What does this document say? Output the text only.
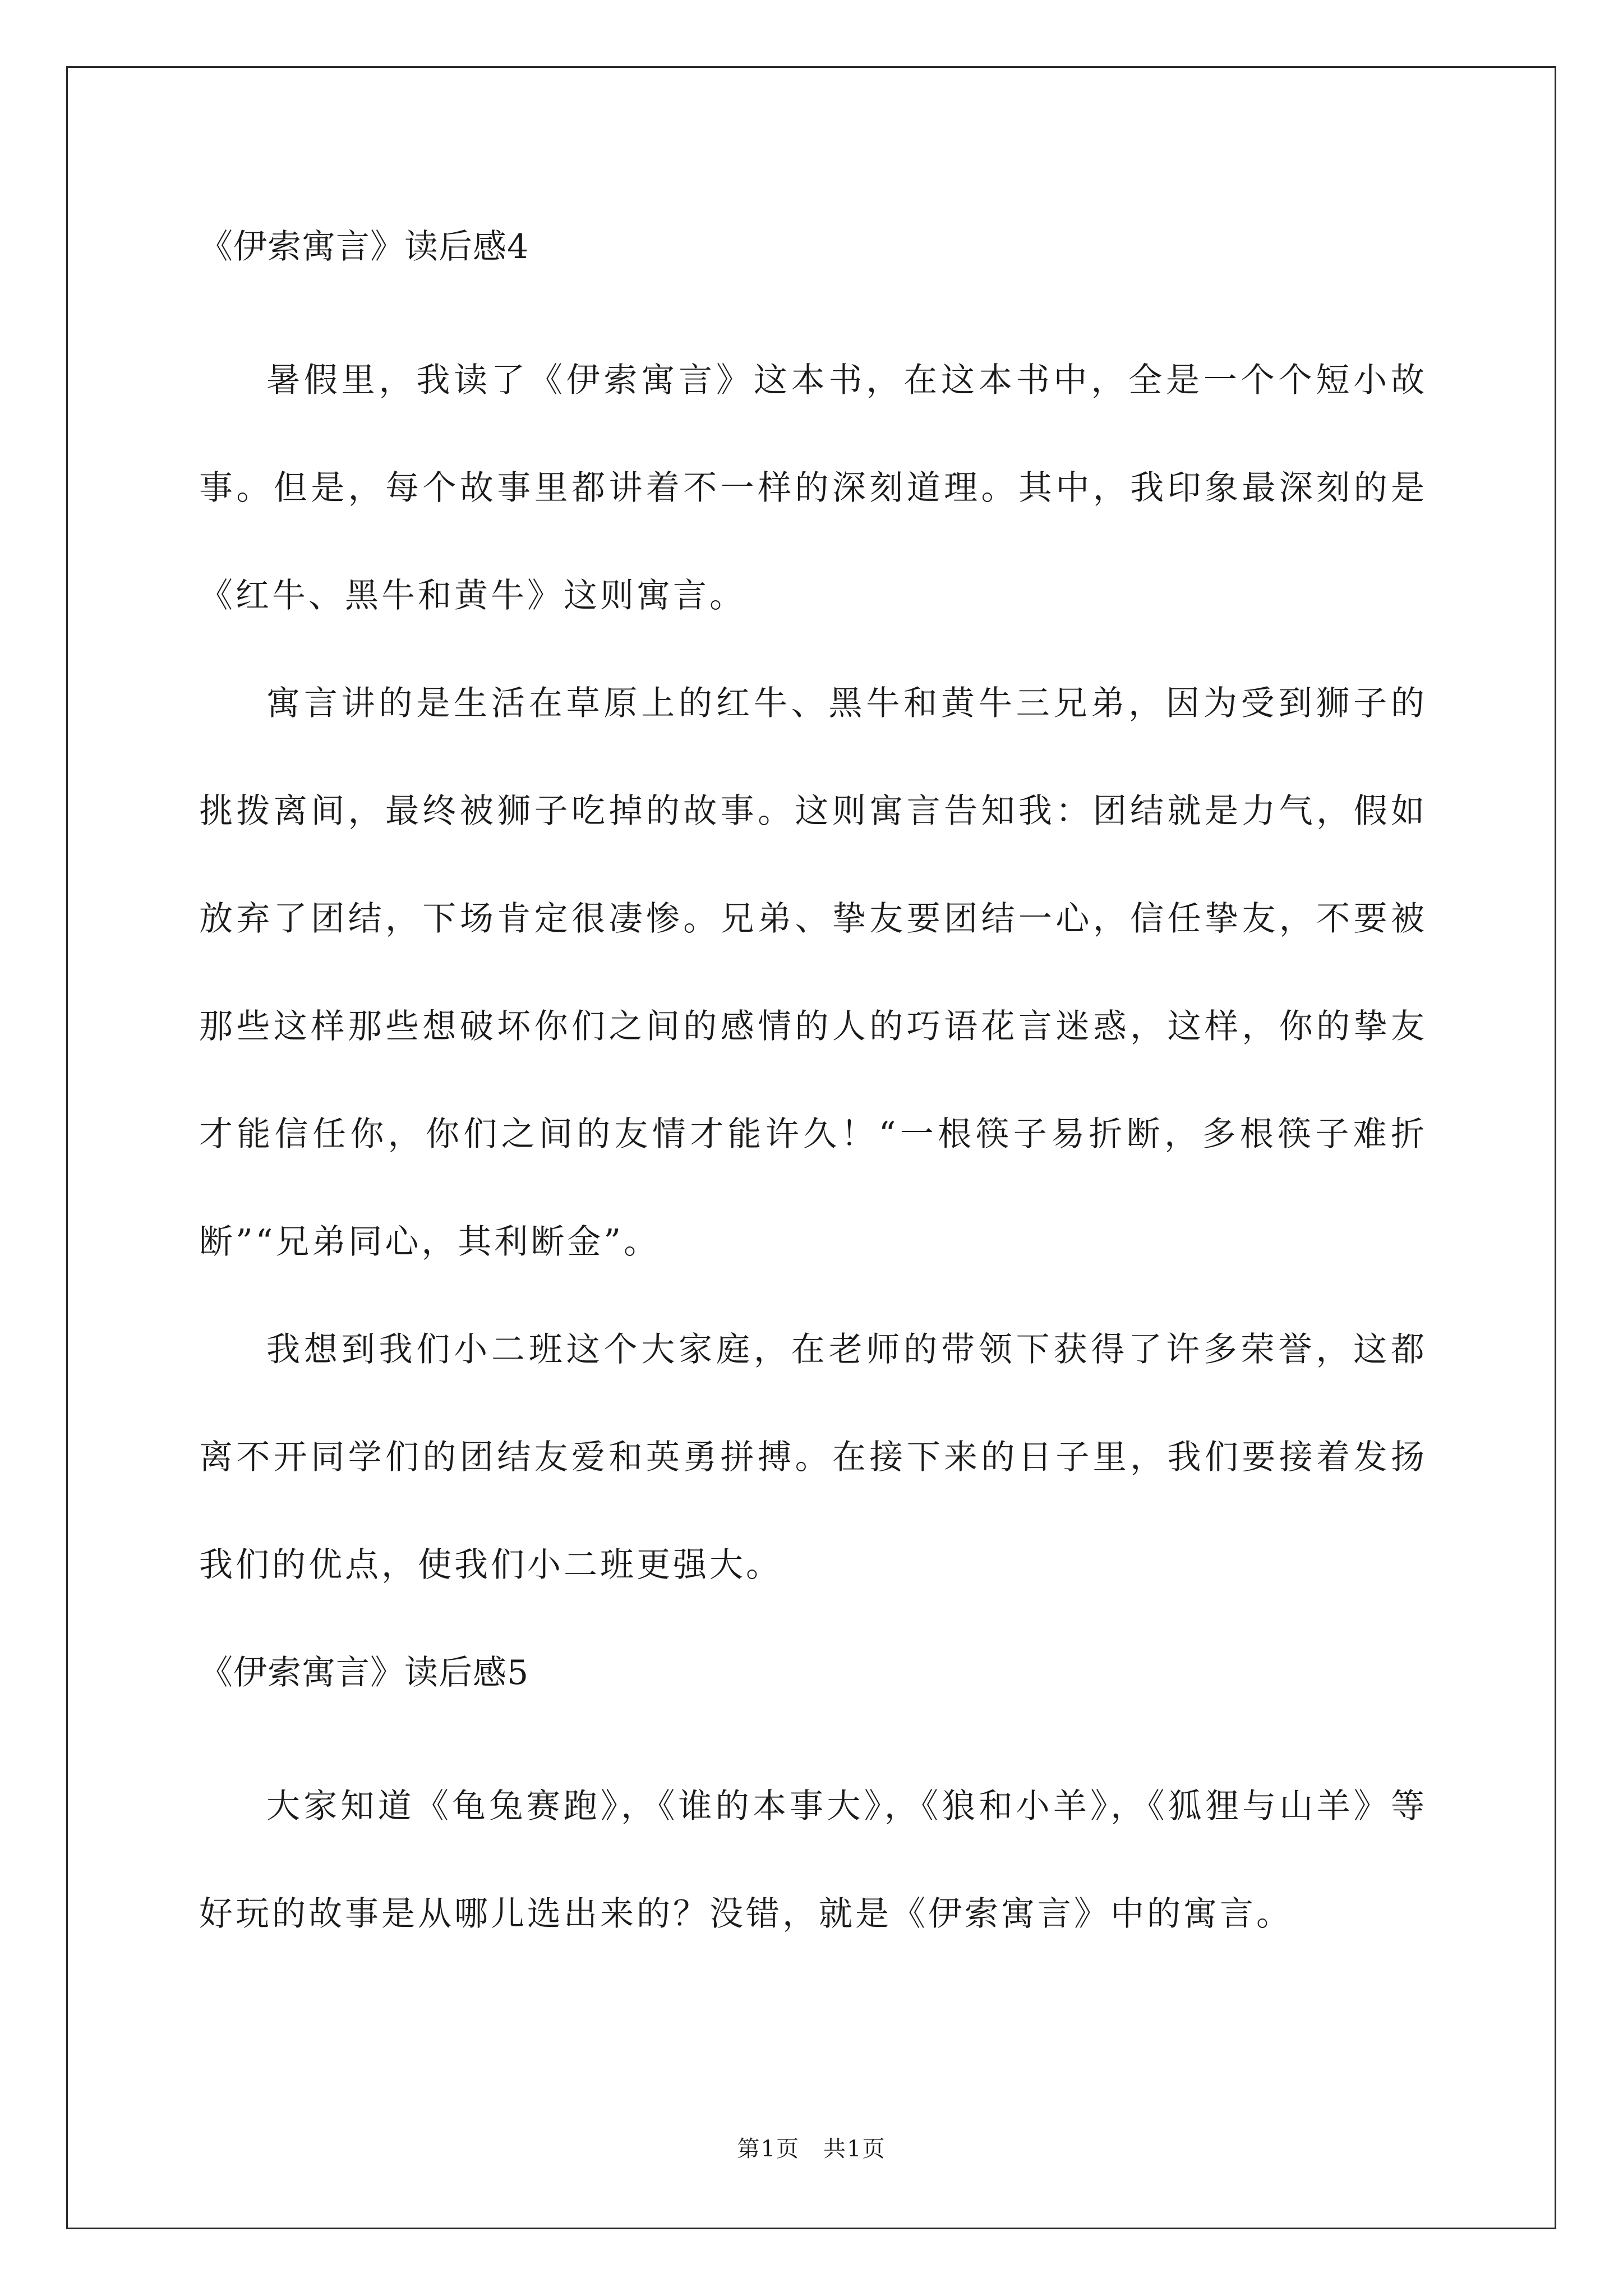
《伊索寓言》读后感4

暑假里，我读了《伊索寓言》这本书，在这本书中，全是一个个短小故事。但是，每个故事里都讲着不一样的深刻道理。其中，我印象最深刻的是《红牛、黑牛和黄牛》这则寓言。

寓言讲的是生活在草原上的红牛、黑牛和黄牛三兄弟，因为受到狮子的挑拨离间，最终被狮子吃掉的故事。这则寓言告知我：团结就是力气，假如放弃了团结，下场肯定很凄惨。兄弟、挚友要团结一心，信任挚友，不要被那些这样那些想破坏你们之间的感情的人的巧语花言迷惑，这样，你的挚友才能信任你，你们之间的友情才能许久！“一根筷子易折断，多根筷子难折断”“兄弟同心，其利断金”。

我想到我们小二班这个大家庭，在老师的带领下获得了许多荣誉，这都离不开同学们的团结友爱和英勇拼搏。在接下来的日子里，我们要接着发扬我们的优点，使我们小二班更强大。

《伊索寓言》读后感5

大家知道《龟兔赛跑》，《谁的本事大》，《狼和小羊》，《狐狸与山羊》等好玩的故事是从哪儿选出来的？没错，就是《伊索寓言》中的寓言。

第1页　共1页
